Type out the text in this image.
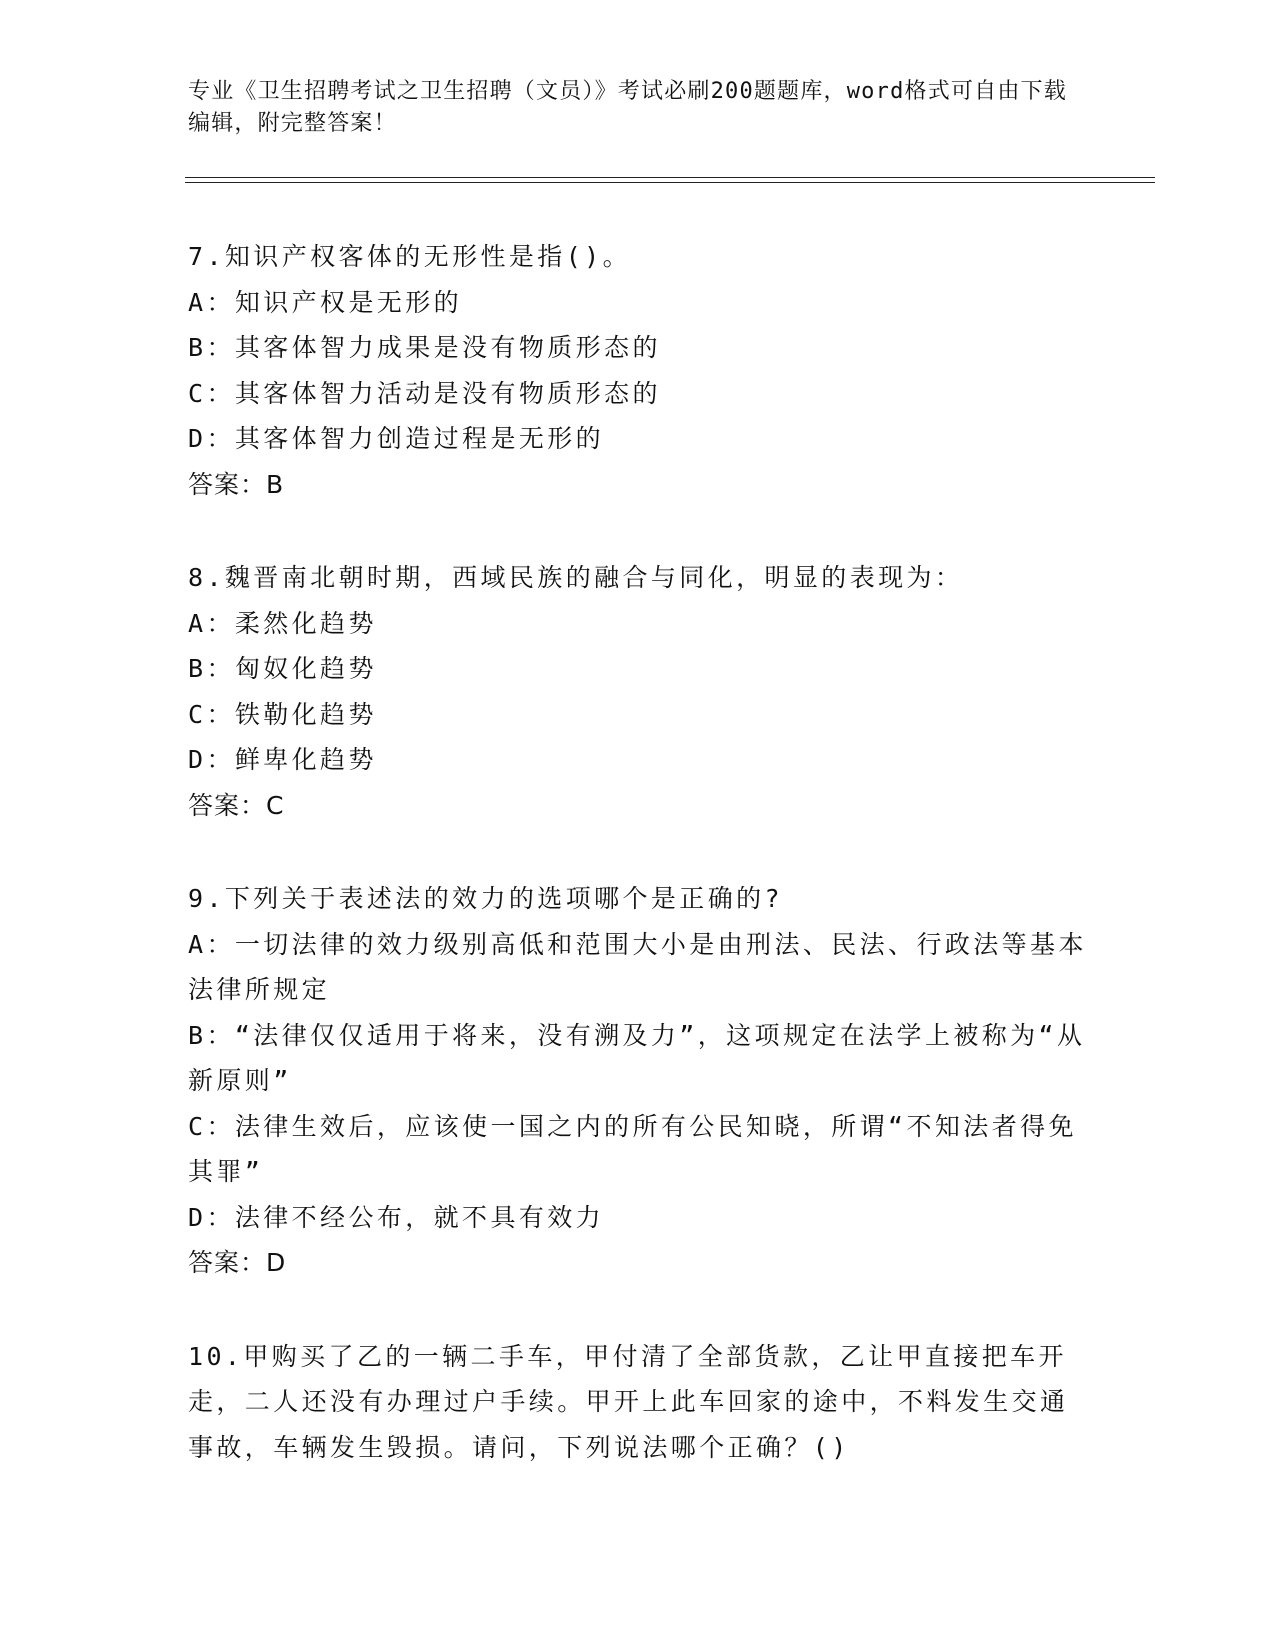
专业《卫生招聘考试之卫生招聘（文员）》考试必刷200题题库，word格式可自由下载编辑，附完整答案！
7.知识产权客体的无形性是指()。
A：知识产权是无形的
B：其客体智力成果是没有物质形态的
C：其客体智力活动是没有物质形态的
D：其客体智力创造过程是无形的
答案：B
8.魏晋南北朝时期，西域民族的融合与同化，明显的表现为：
A：柔然化趋势
B：匈奴化趋势
C：铁勒化趋势
D：鲜卑化趋势
答案：C
9.下列关于表述法的效力的选项哪个是正确的?
A：一切法律的效力级别高低和范围大小是由刑法、民法、行政法等基本法律所规定
B：“法律仅仅适用于将来，没有溯及力”，这项规定在法学上被称为“从新原则”
C：法律生效后，应该使一国之内的所有公民知晓，所谓“不知法者得免其罪”
D：法律不经公布，就不具有效力
答案：D
10.甲购买了乙的一辆二手车，甲付清了全部货款，乙让甲直接把车开走，二人还没有办理过户手续。甲开上此车回家的途中，不料发生交通事故，车辆发生毁损。请问，下列说法哪个正确？()
